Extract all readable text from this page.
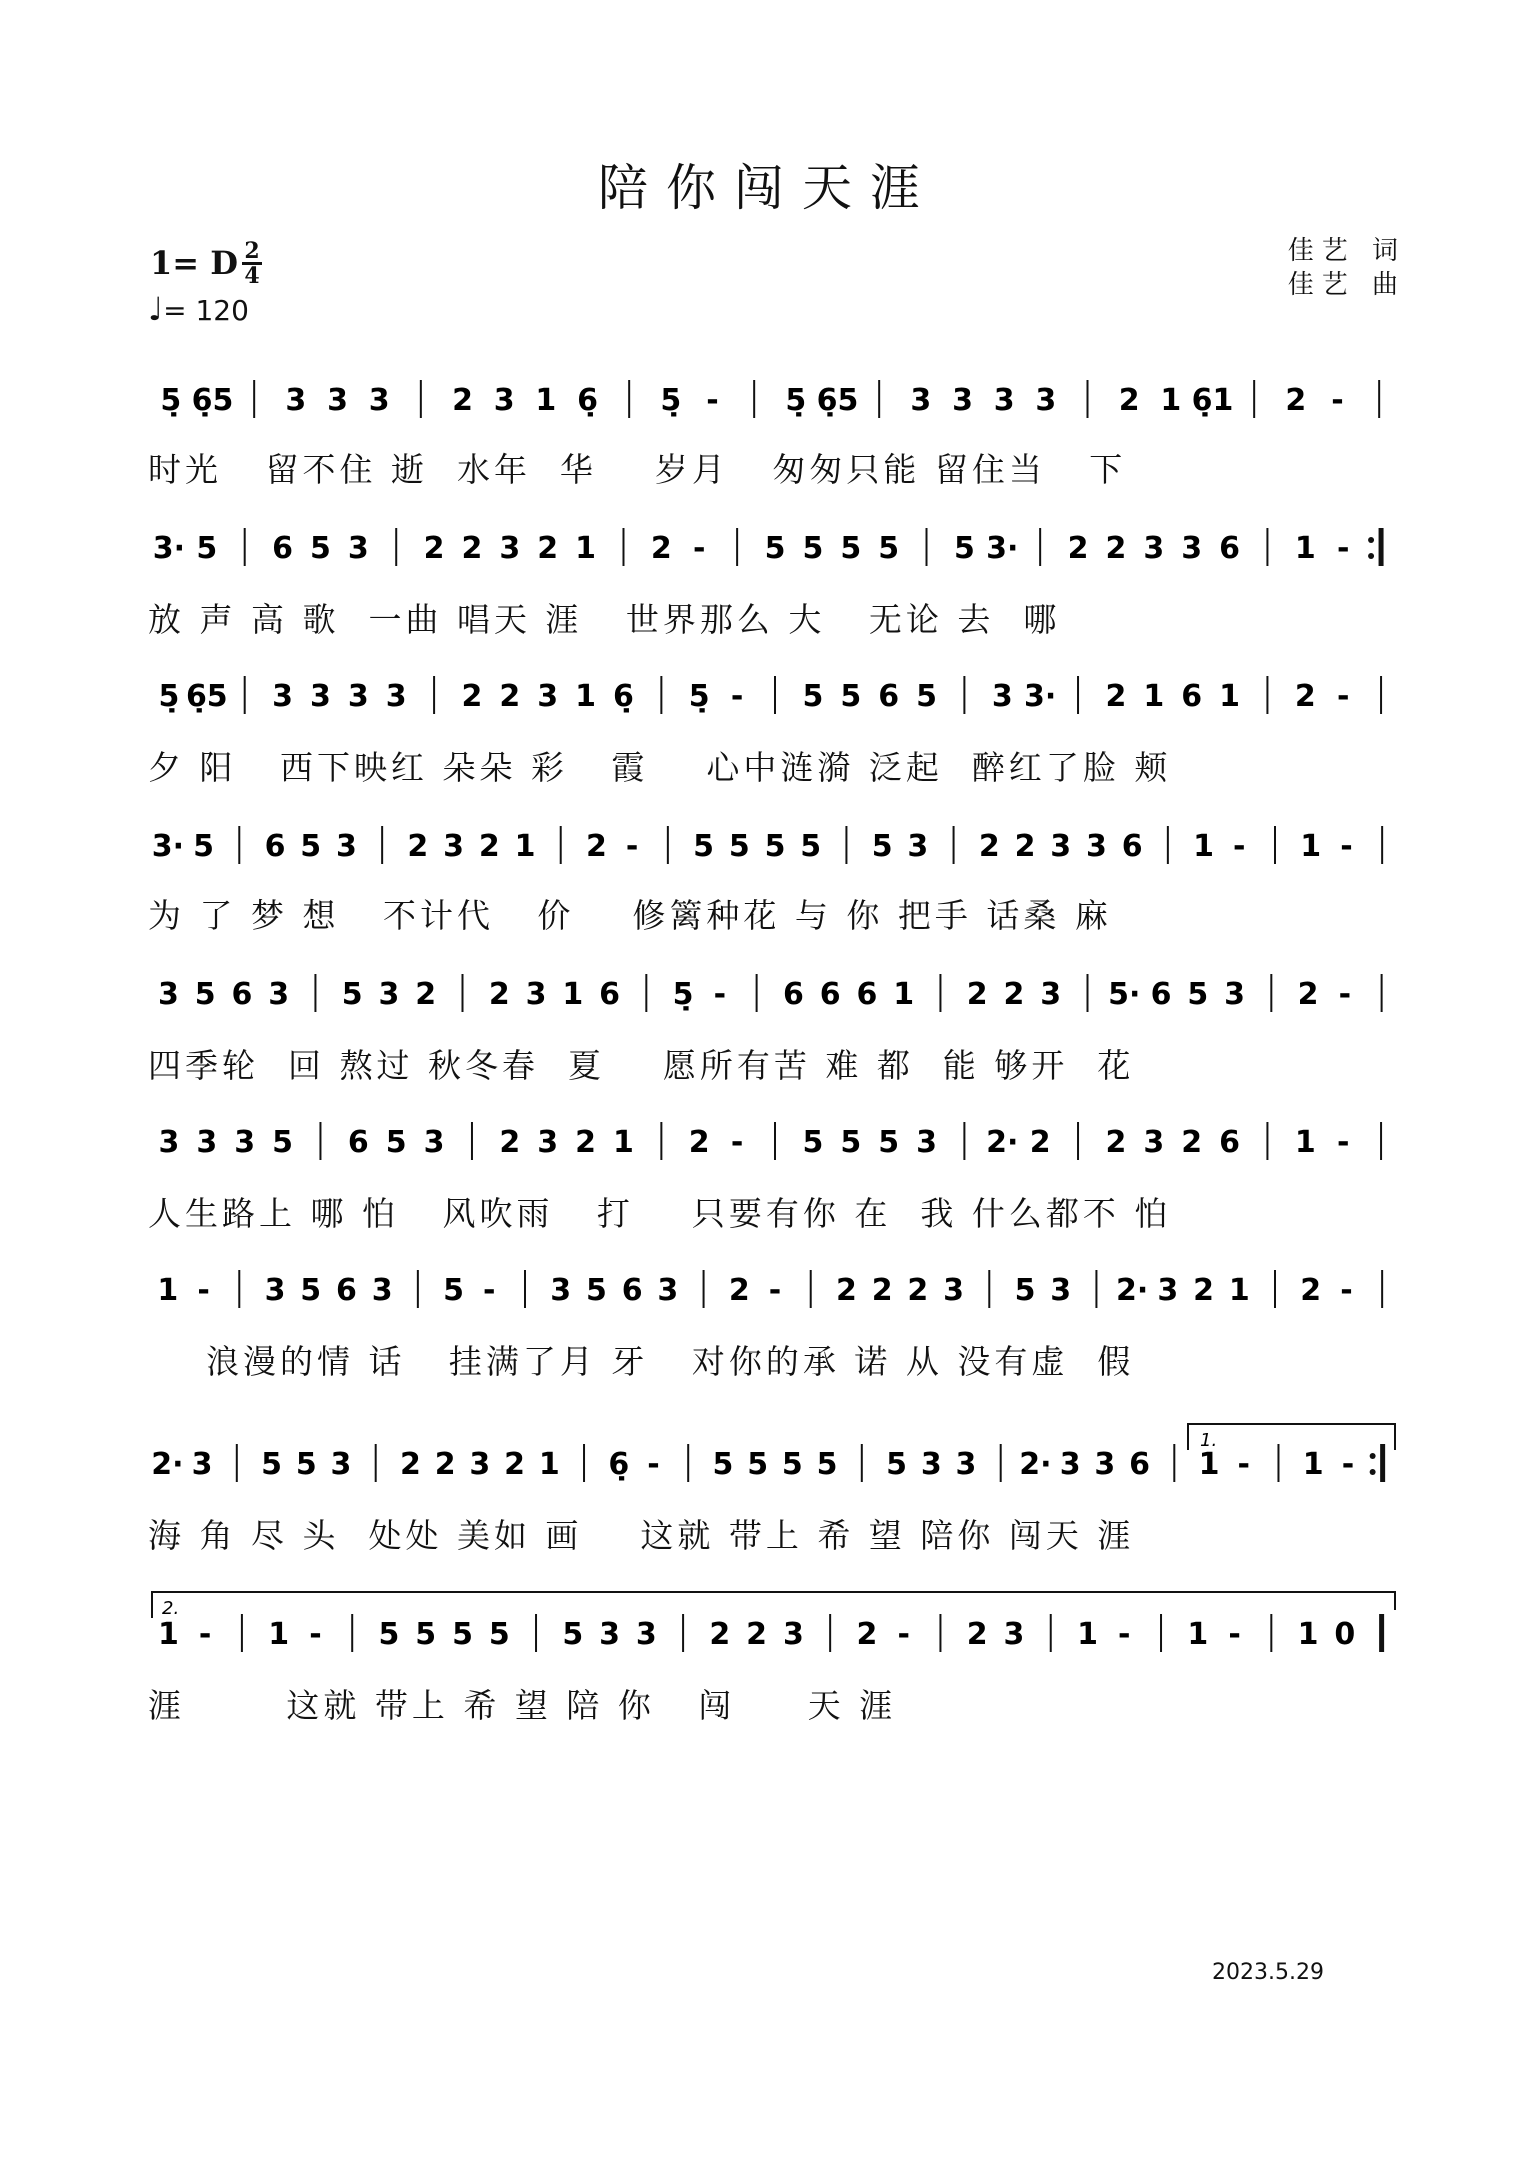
陪你闯天涯
1= D 2
4
♩= 120
佳艺 词
佳艺 曲
5̣ 6̣5 3 3 3 2 3 1 6̣ 5̣ - 5̣ 6̣5 3 3 3 3 2 1 6̣1 2 -
3· 5 6 5 3 2 2 3 2 1 2 - 5 5 5 5 5 3· 2 2 3 3 6 1 -
5̣ 6̣5 3 3 3 3 2 2 3 1 6̣ 5̣ - 5 5 6 5 3 3· 2 1 6 1 2 -
3· 5 6 5 3 2 3 2 1 2 - 5 5 5 5 5 3 2 2 3 3 6 1 - 1 -
3 5 6 3 5 3 2 2 3 1 6 5̣ - 6 6 6 1 2 2 3 5· 6 5 3 2 -
3 3 3 5 6 5 3 2 3 2 1 2 - 5 5 5 3 2· 2 2 3 2 6 1 -
1 - 3 5 6 3 5 - 3 5 6 3 2 - 2 2 2 3 5 3 2· 3 2 1 2 -
2· 3 5 5 3 2 2 3 2 1 6̣ - 5 5 5 5 5 3 3 2· 3 3 6 1 - 1 -
1 - 1 - 5 5 5 5 5 3 3 2 2 3 2 - 2 3 1 - 1 - 1 0
1.
2.
时光   留不住 逝  水年  华    岁月   匆匆只能 留住当   下
放 声 高 歌  一曲 唱天 涯   世界那么 大   无论 去  哪
夕 阳   西下映红 朵朵 彩   霞    心中涟漪 泛起  醉红了脸 颊
为 了 梦 想   不计代   价    修篱种花 与 你 把手 话桑 麻
四季轮  回 熬过 秋冬春  夏    愿所有苦 难 都  能 够开  花
人生路上 哪 怕   风吹雨   打    只要有你 在  我 什么都不 怕
浪漫的情 话   挂满了月 牙   对你的承 诺 从 没有虚  假
海 角 尽 头  处处 美如 画    这就 带上 希 望 陪你 闯天 涯
涯       这就 带上 希 望 陪 你   闯     天 涯
2023.5.29
